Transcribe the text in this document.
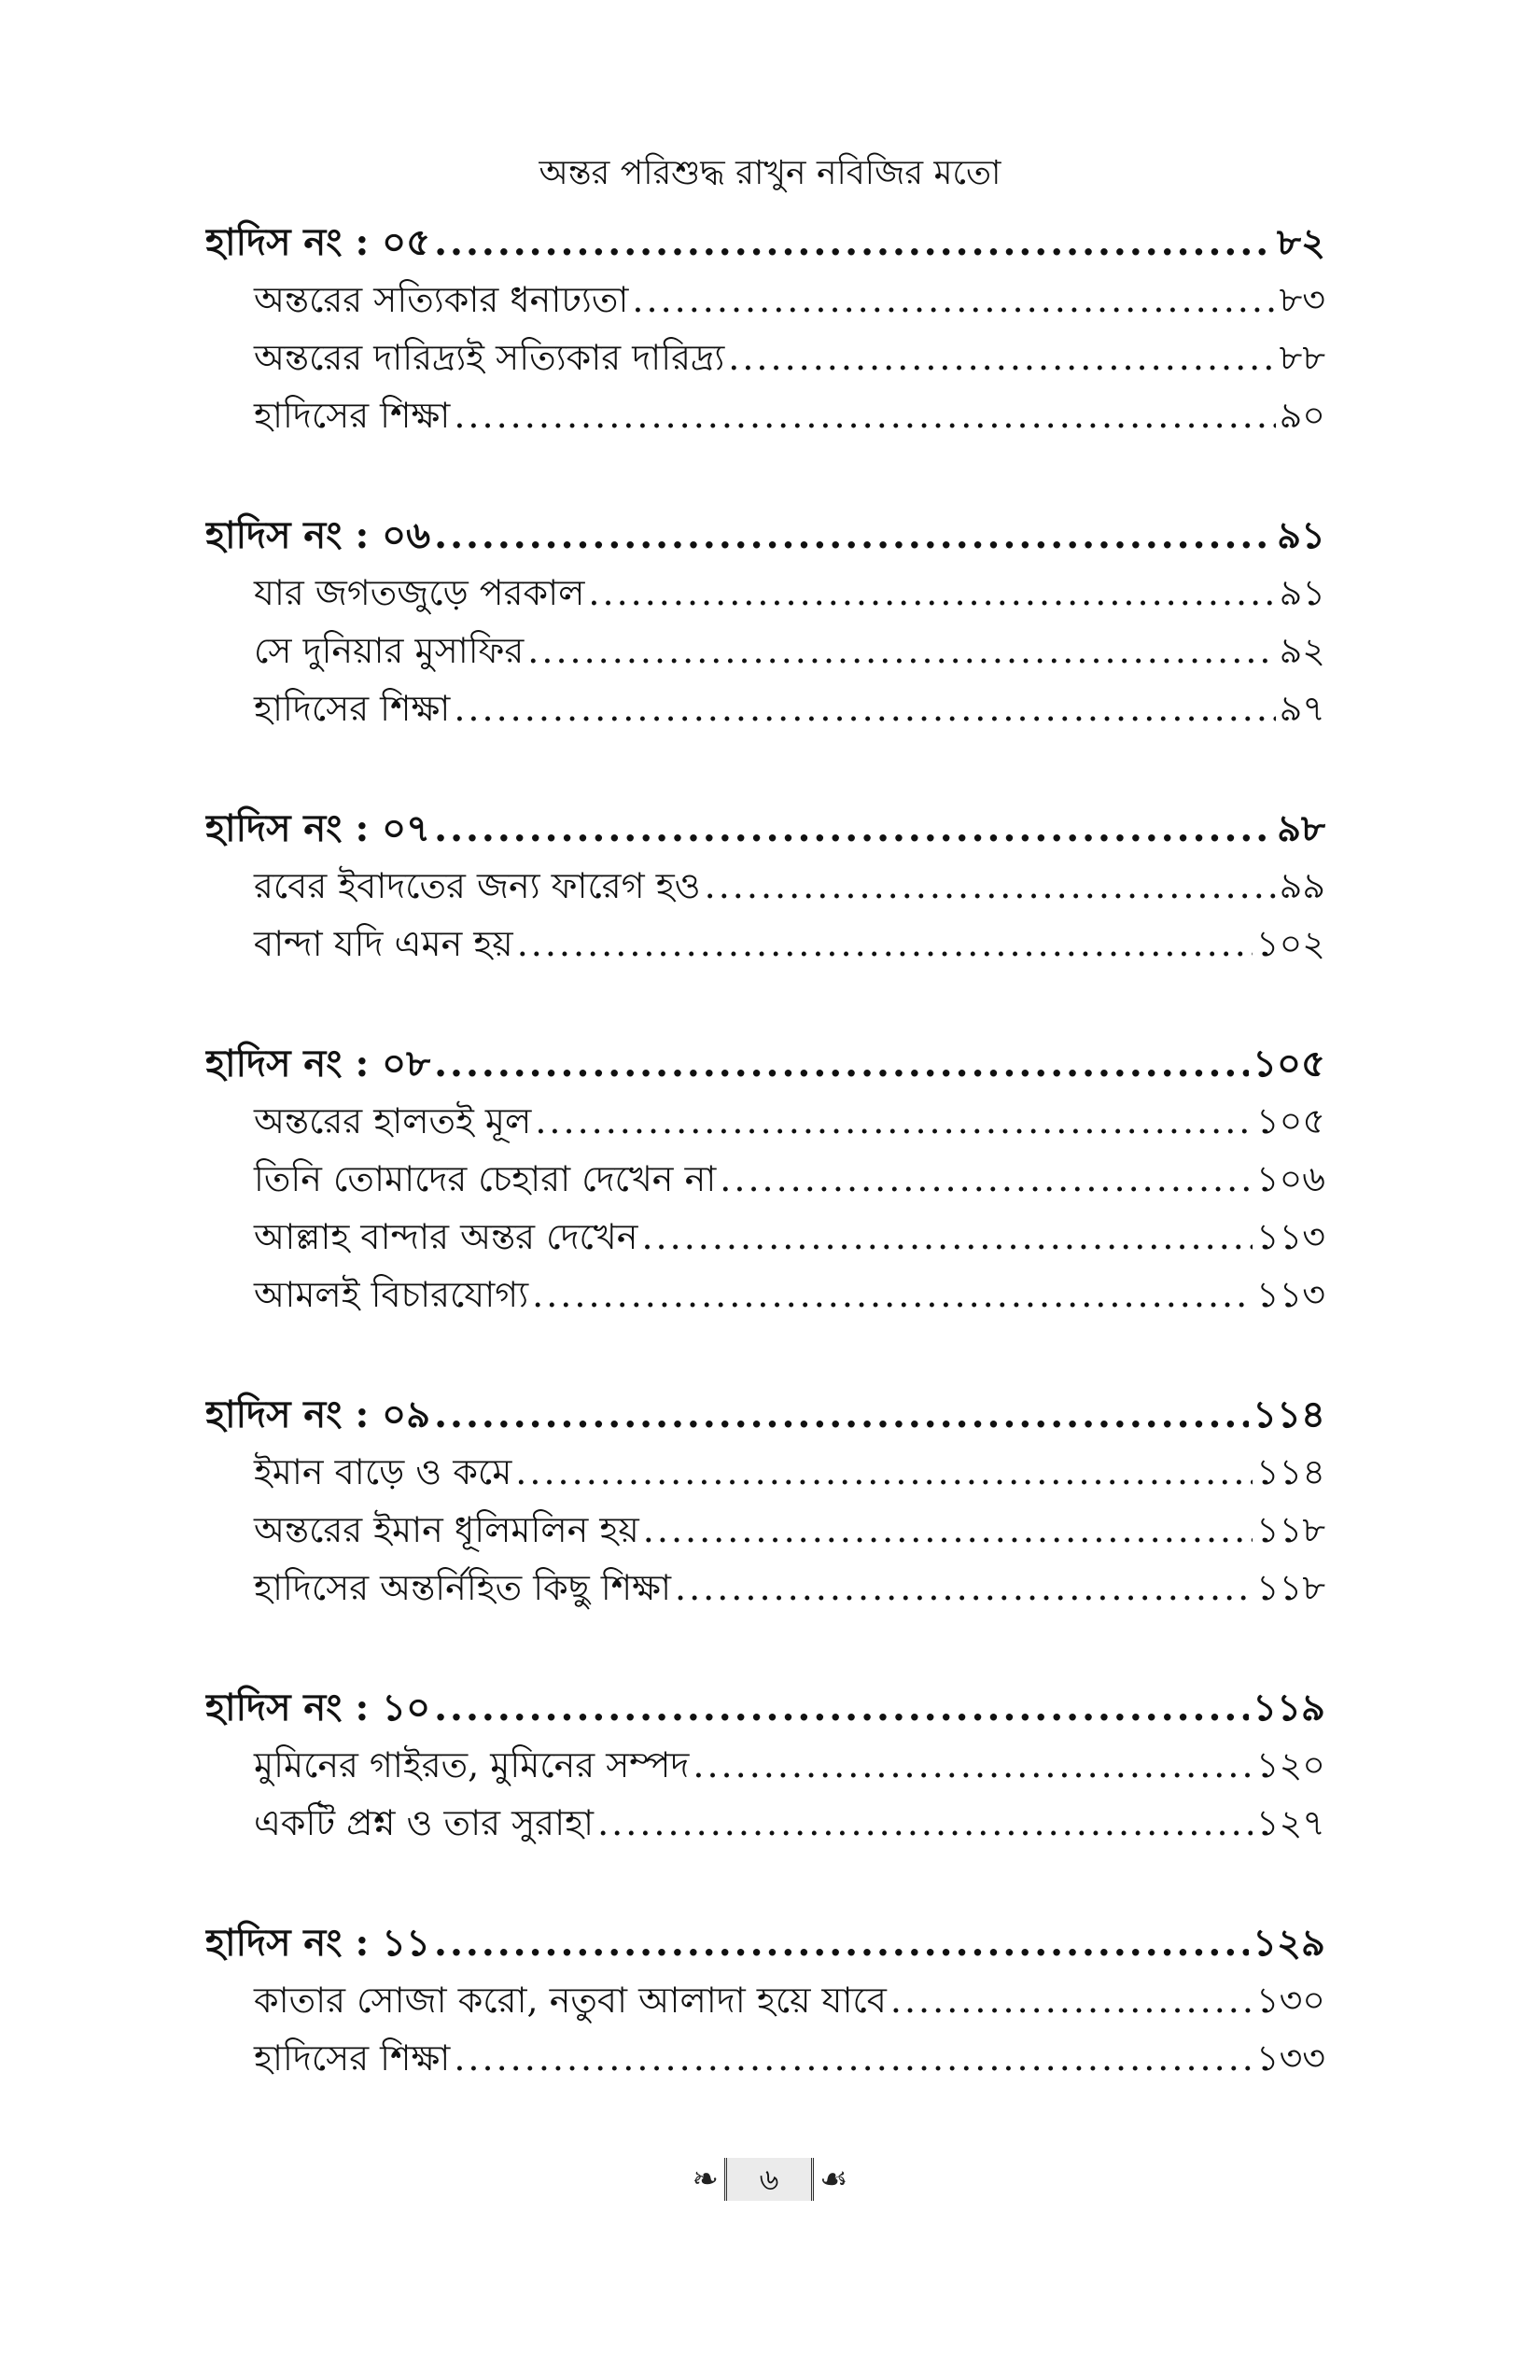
অন্তর পরিশুদ্ধ রাখুন নবিজির মতো
হাদিস নং : ০৫ .....	৮২
অন্তরের সত্যিকার ধনাঢ্যতা .....	৮৩
অন্তরের দারিদ্র্যই সত্যিকার দারিদ্র্য .....	৮৮
হাদিসের শিক্ষা .....	৯০
হাদিস নং : ০৬ .....	৯১
যার জগতজুড়ে পরকাল .....	৯১
সে দুনিয়ার মুসাফির .....	৯২
হাদিসের শিক্ষা .....	৯৭
হাদিস নং : ০৭ .....	৯৮
রবের ইবাদতের জন্য ফারেগ হও .....	৯৯
বান্দা যদি এমন হয় .....	১০২
হাদিস নং : ০৮ .....	১০৫
অন্তরের হালতই মূল .....	১০৫
তিনি তোমাদের চেহারা দেখেন না .....	১০৬
আল্লাহ বান্দার অন্তর দেখেন .....	১১৩
আমলই বিচারযোগ্য .....	১১৩
হাদিস নং : ০৯ .....	১১৪
ইমান বাড়ে ও কমে .....	১১৪
অন্তরের ইমান ধূলিমলিন হয় .....	১১৮
হাদিসের অন্তর্নিহিত কিছু শিক্ষা .....	১১৮
হাদিস নং : ১০ .....	১১৯
মুমিনের গাইরত, মুমিনের সম্পদ .....	১২০
একটি প্রশ্ন ও তার সুরাহা .....	১২৭
হাদিস নং : ১১ .....	১২৯
কাতার সোজা করো, নতুবা আলাদা হয়ে যাবে .....	১৩০
হাদিসের শিক্ষা .....	১৩৩
❧	৬	☙
